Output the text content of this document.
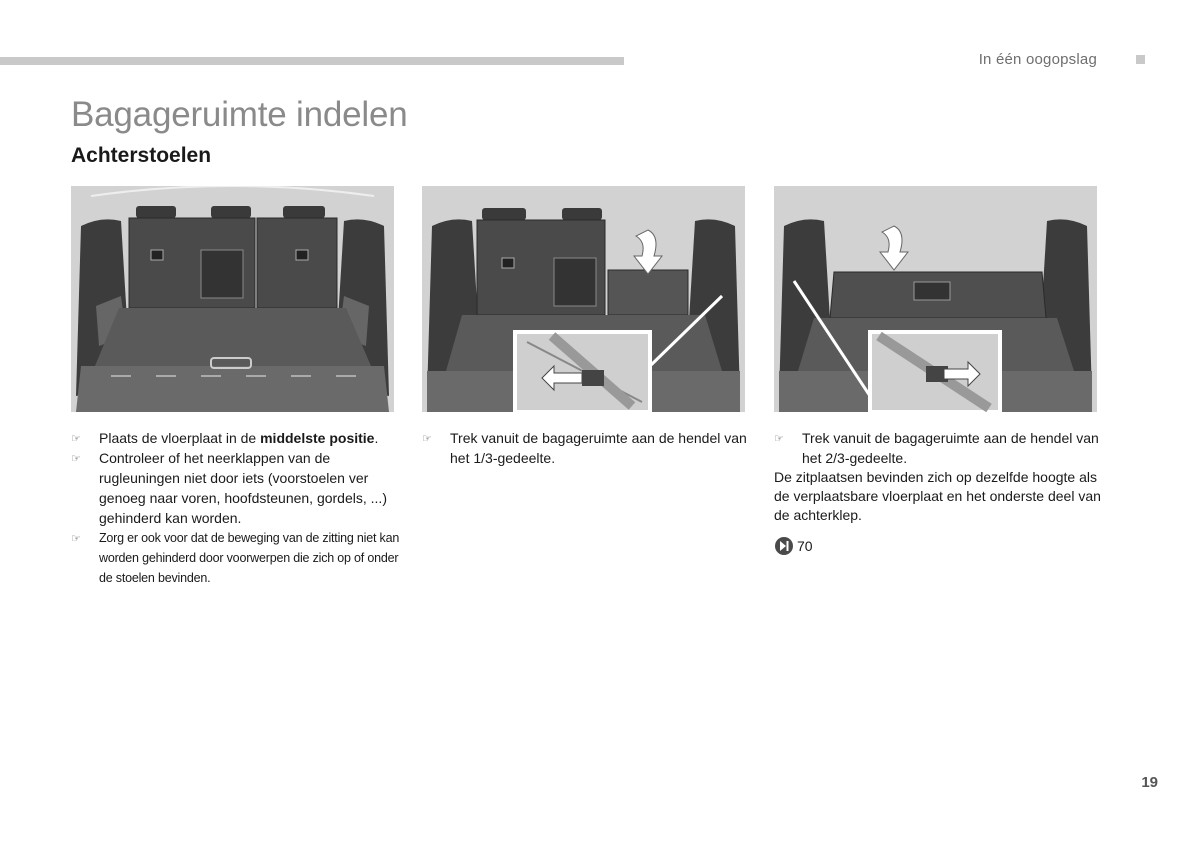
In één oogopslag
Bagageruimte indelen
Achterstoelen

☞ Plaats de vloerplaat in de middelste positie.

☞ Controleer of het neerklappen van de rugleuningen niet door iets (voorstoelen ver genoeg naar voren, hoofdsteunen, gordels, ...) gehinderd kan worden.

☞ Zorg er ook voor dat de beweging van de zitting niet kan worden gehinderd door voorwerpen die zich op of onder de stoelen bevinden.

☞ Trek vanuit de bagageruimte aan de hendel van het 1/3-gedeelte.

☞ Trek vanuit de bagageruimte aan de hendel van het 2/3-gedeelte.

De zitplaatsen bevinden zich op dezelfde hoogte als de verplaatsbare vloerplaat en het onderste deel van de achterklep.

70
19
